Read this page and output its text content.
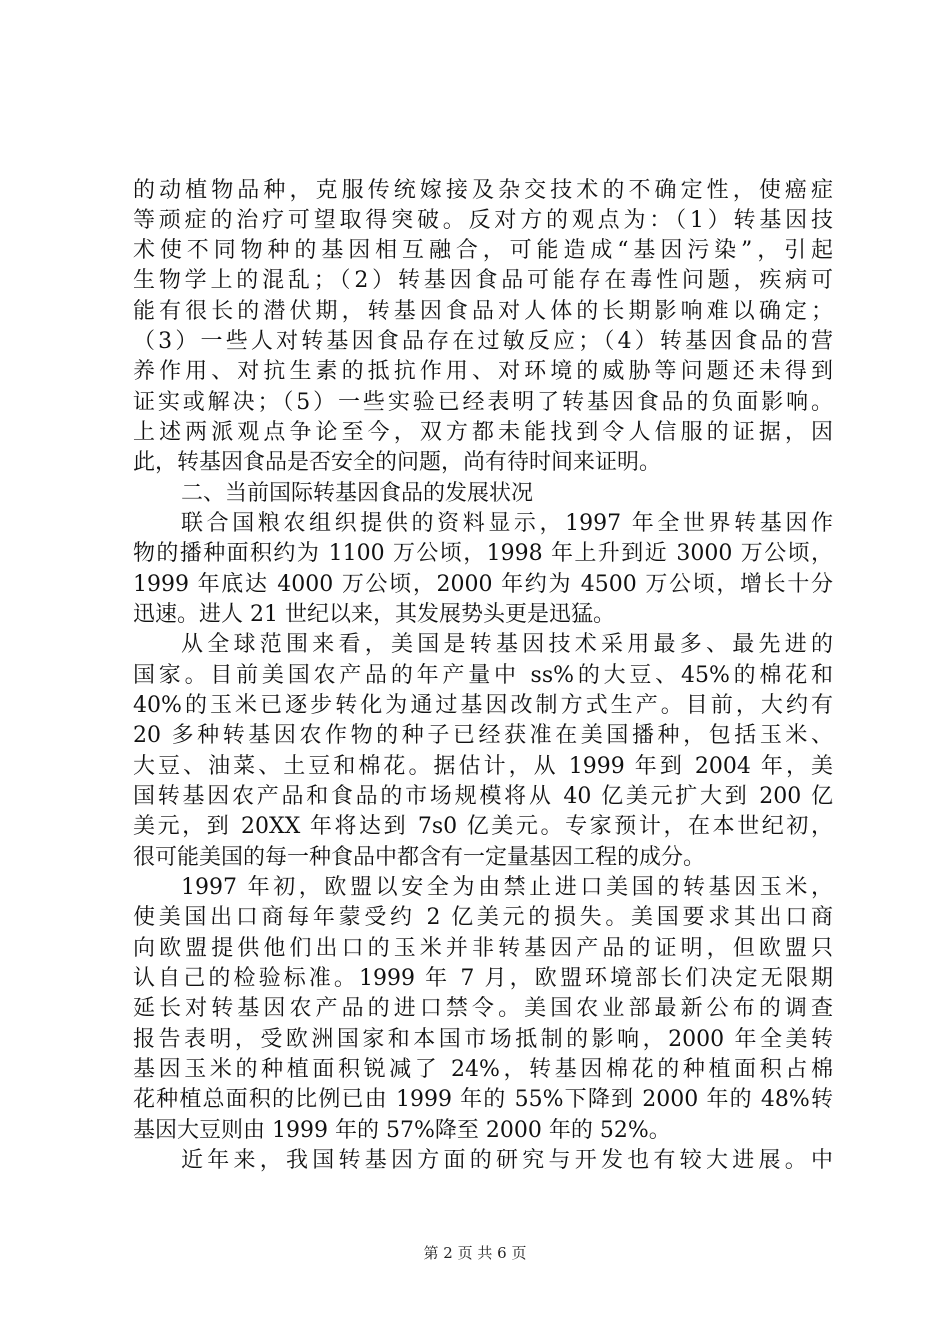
的动植物品种，克服传统嫁接及杂交技术的不确定性，使癌症
等顽症的治疗可望取得突破。反对方的观点为：（1）转基因技
术使不同物种的基因相互融合，可能造成“基因污染”，引起
生物学上的混乱；（2）转基因食品可能存在毒性问题，疾病可
能有很长的潜伏期，转基因食品对人体的长期影响难以确定；
（3）一些人对转基因食品存在过敏反应；（4）转基因食品的营
养作用、对抗生素的抵抗作用、对环境的威胁等问题还未得到
证实或解决；（5）一些实验已经表明了转基因食品的负面影响。
上述两派观点争论至今，双方都未能找到令人信服的证据，因
此，转基因食品是否安全的问题，尚有待时间来证明。
二、当前国际转基因食品的发展状况
联合国粮农组织提供的资料显示，1997 年全世界转基因作
物的播种面积约为 1100 万公顷，1998 年上升到近 3000 万公顷，
1999 年底达 4000 万公顷，2000 年约为 4500 万公顷，增长十分
迅速。进人 21 世纪以来，其发展势头更是迅猛。
从全球范围来看，美国是转基因技术采用最多、最先进的
国家。目前美国农产品的年产量中 ss%的大豆、45%的棉花和
40%的玉米已逐步转化为通过基因改制方式生产。目前，大约有
20 多种转基因农作物的种子已经获准在美国播种，包括玉米、
大豆、油菜、土豆和棉花。据估计，从 1999 年到 2004 年，美
国转基因农产品和食品的市场规模将从 40 亿美元扩大到 200 亿
美元，到 20XX 年将达到 7s0 亿美元。专家预计，在本世纪初，
很可能美国的每一种食品中都含有一定量基因工程的成分。
1997 年初，欧盟以安全为由禁止进口美国的转基因玉米，
使美国出口商每年蒙受约 2 亿美元的损失。美国要求其出口商
向欧盟提供他们出口的玉米并非转基因产品的证明，但欧盟只
认自己的检验标准。1999 年 7 月，欧盟环境部长们决定无限期
延长对转基因农产品的进口禁令。美国农业部最新公布的调查
报告表明，受欧洲国家和本国市场抵制的影响，2000 年全美转
基因玉米的种植面积锐减了 24%，转基因棉花的种植面积占棉
花种植总面积的比例已由 1999 年的 55%下降到 2000 年的 48%转
基因大豆则由 1999 年的 57%降至 2000 年的 52%。
近年来，我国转基因方面的研究与开发也有较大进展。中
第 2 页 共 6 页
